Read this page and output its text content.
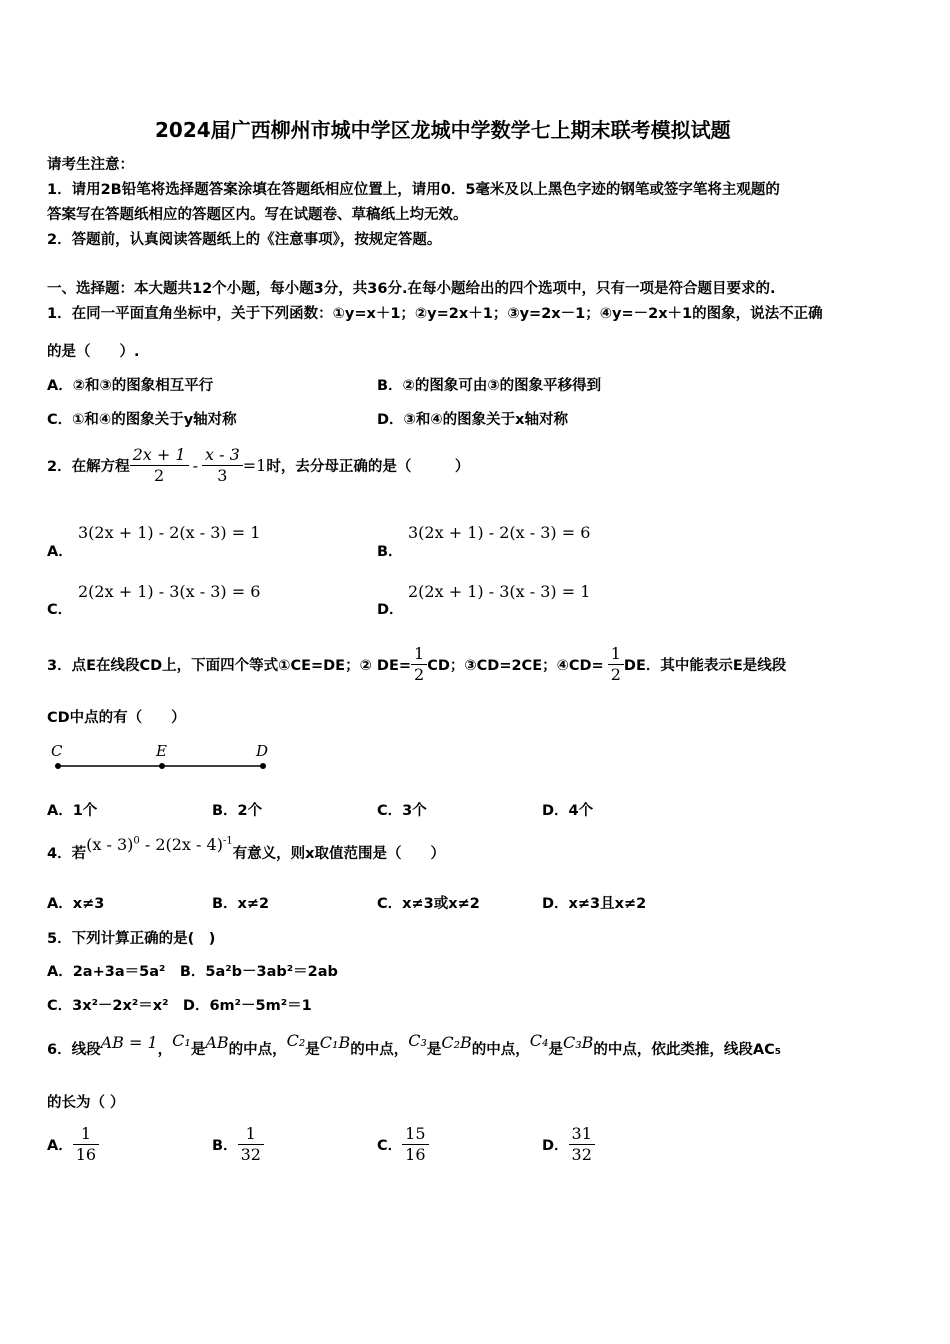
2024届广西柳州市城中学区龙城中学数学七上期末联考模拟试题
请考生注意：
1．请用2B铅笔将选择题答案涂填在答题纸相应位置上，请用0．5毫米及以上黑色字迹的钢笔或签字笔将主观题的
答案写在答题纸相应的答题区内。写在试题卷、草稿纸上均无效。
2．答题前，认真阅读答题纸上的《注意事项》，按规定答题。
一、选择题：本大题共12个小题，每小题3分，共36分.在每小题给出的四个选项中，只有一项是符合题目要求的.
1．在同一平面直角坐标中，关于下列函数：①y=x＋1；②y=2x＋1；③y=2x－1；④y=－2x＋1的图象，说法不正确
的是（　　）.
A．②和③的图象相互平行	B．②的图象可由③的图象平移得到
C．①和④的图象关于y轴对称	D．③和④的图象关于x轴对称
2．在解方程 $\frac{2x + 1}{2} - \frac{x - 3}{3} =1$ 时，去分母正确的是（　　　）
A．
3(2x + 1) - 2(x - 3) = 1
B．
3(2x + 1) - 2(x - 3) = 6
C．
2(2x + 1) - 3(x - 3) = 6
D．
2(2x + 1) - 3(x - 3) = 1
3．点E在线段CD上，下面四个等式①CE=DE；② $DE= \frac{1}{2}$ CD；③CD=2CE；④CD= $\frac{1}{2}$ DE．其中能表示E是线段
CD中点的有（　　）
C	E	D
A．1个	B．2个	C．3个	D．4个
4．若 (x - 3)$^0$ - 2(2x - 4)$^{-1}$
有意义，则x取值范围是（　　）
A．x≠3	B．x≠2	C．x≠3或x≠2	D．x≠3且x≠2
5．下列计算正确的是(　)
A．2a+3a＝5a²　B．5a²b－3ab²＝2ab
C．3x²－2x²＝x²　D．6m²－5m²＝1
6．线段 AB = 1 ， C₁ 是 AB 的中点， C₂ 是 C₁B 的中点， C₃ 是 C₂B 的中点， C₄ 是 C₃B 的中点，依此类推，线段AC₅
的长为（ ）
A． $\frac{1}{16}$	B． $\frac{1}{32}$	C． $\frac{15}{16}$	D． $\frac{31}{32}$
